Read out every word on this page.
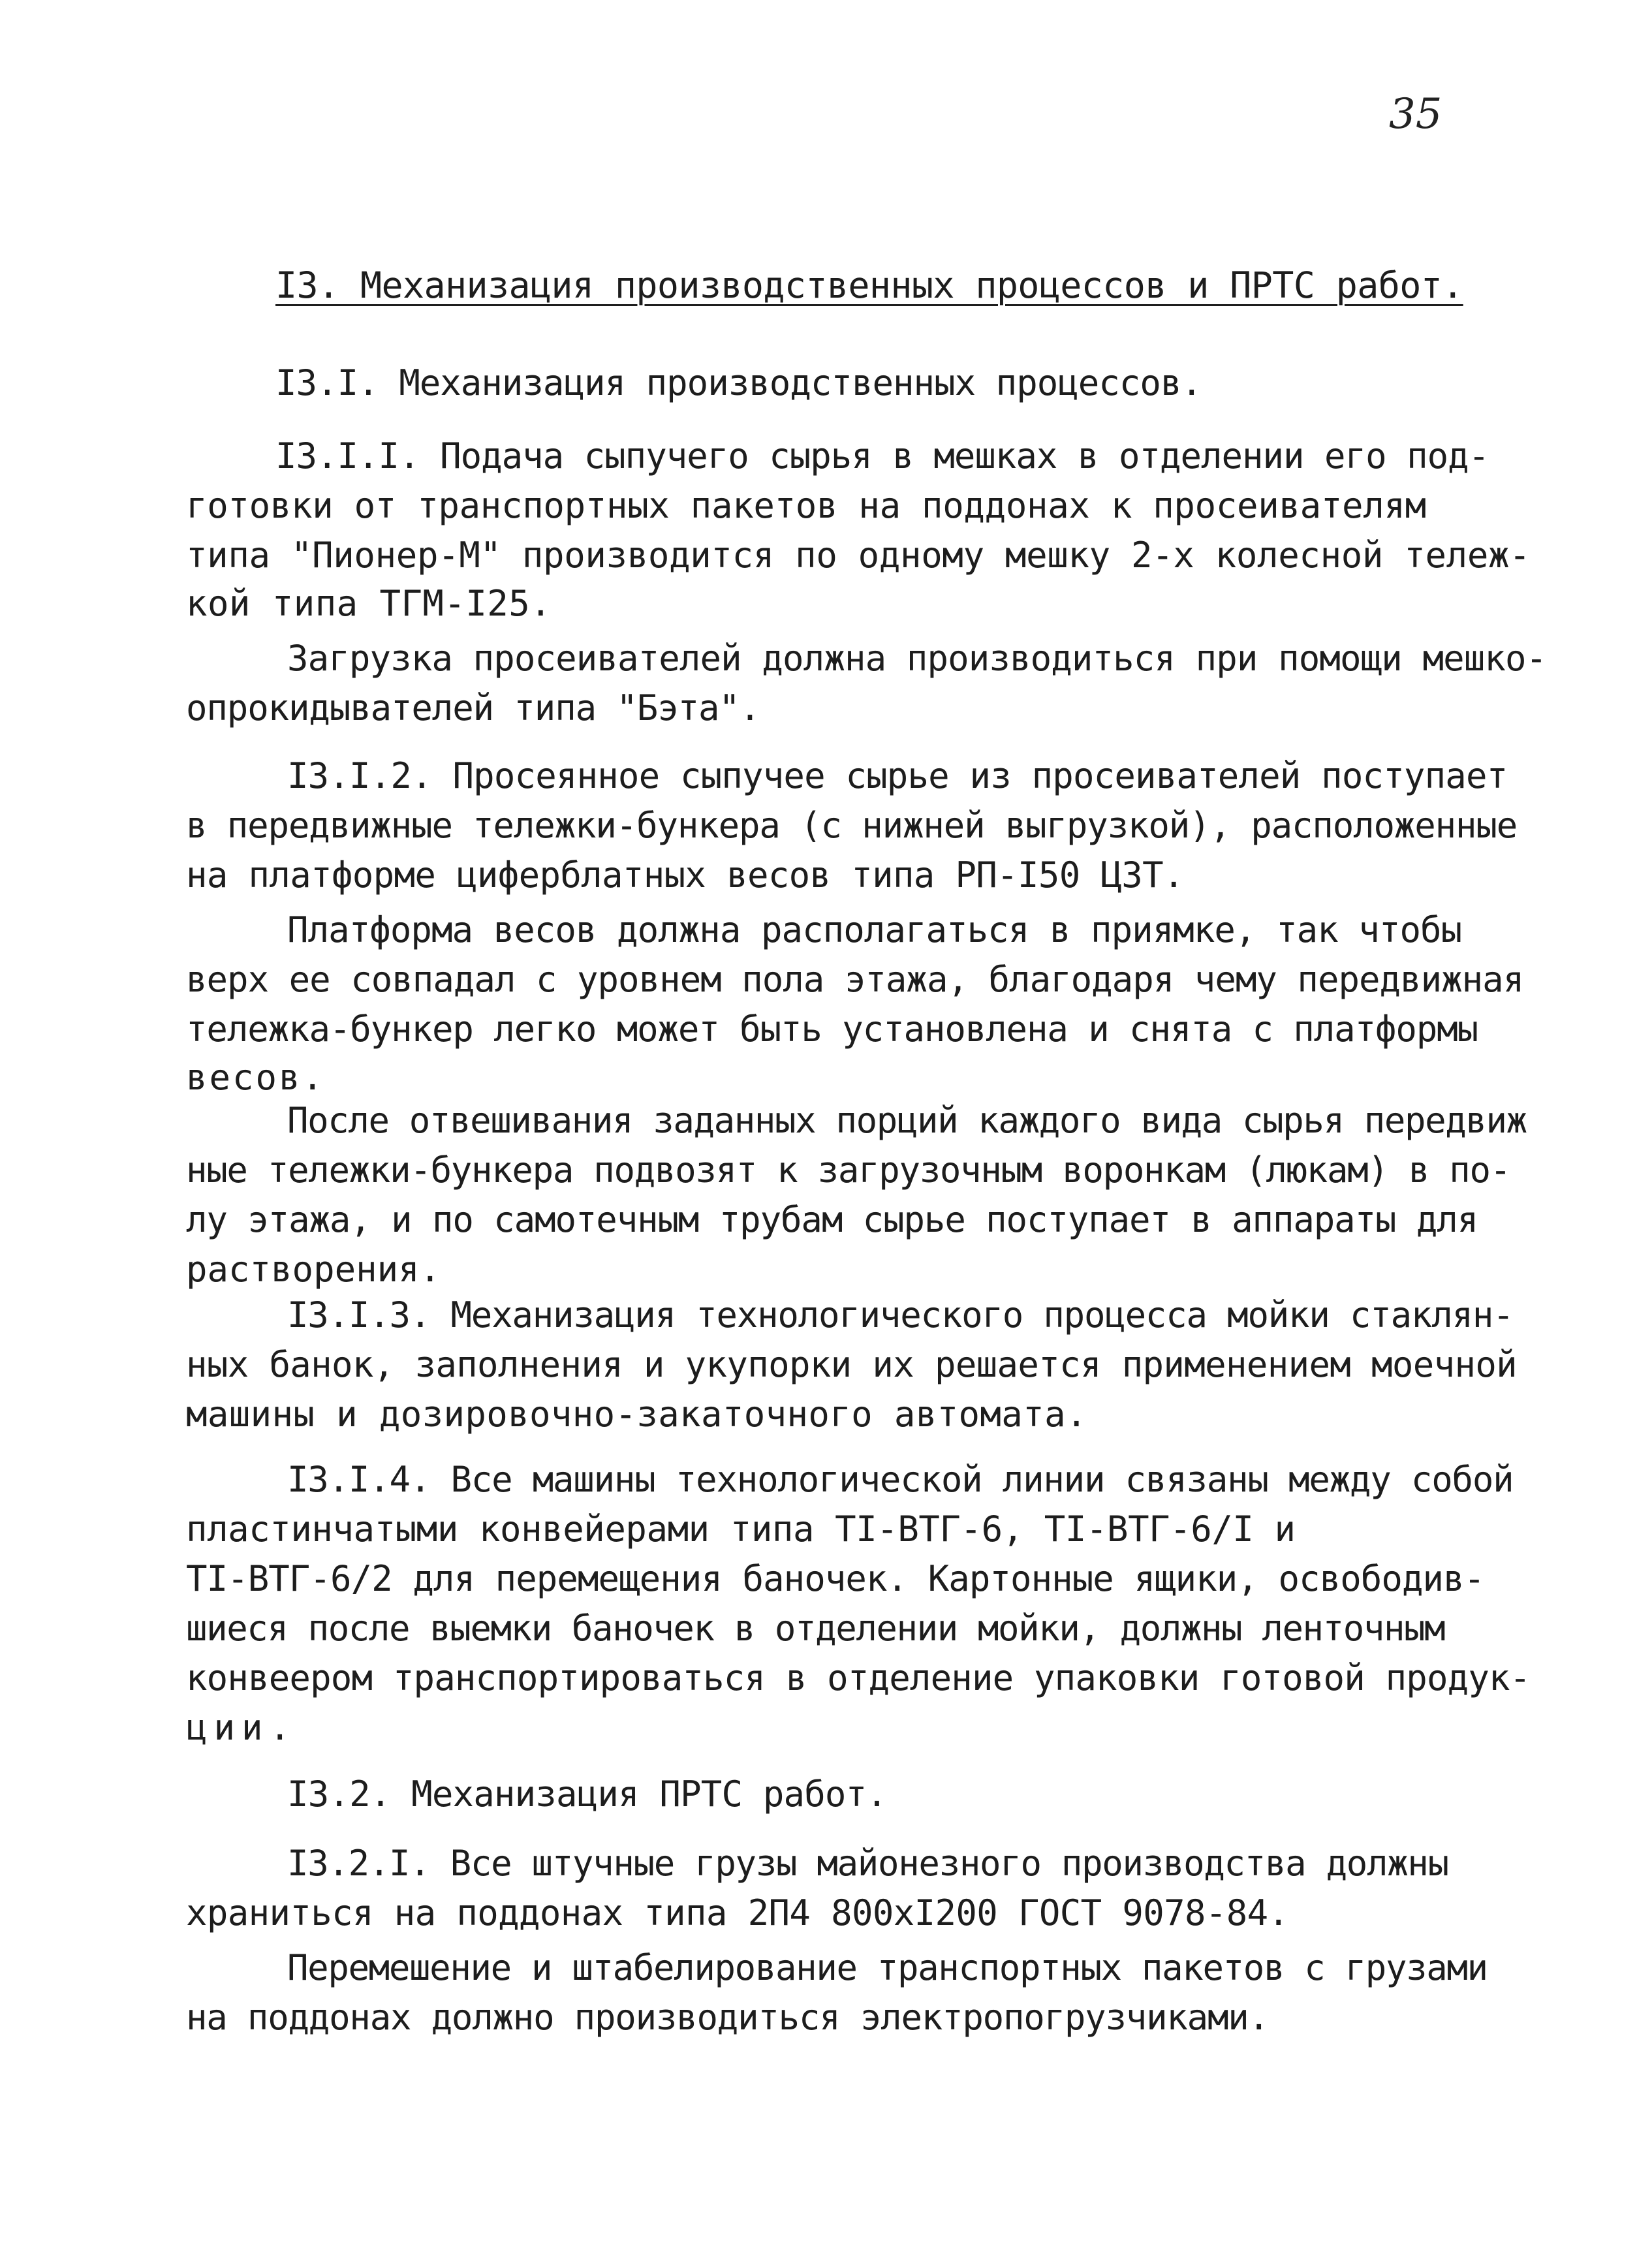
35
I3. Механизация производственных процессов и ПРТС работ.
I3.I. Механизация производственных процессов.
I3.I.I. Подача сыпучего сырья в мешках в отделении его под-
готовки от транспортных пакетов на поддонах к просеивателям
типа "Пионер-М" производится по одному мешку 2-х колесной тележ-
кой типа ТГМ-I25.
Загрузка просеивателей должна производиться при помощи мешко-
опрокидывателей типа "Бэта".
I3.I.2. Просеянное сыпучее сырье из просеивателей поступает
в передвижные тележки-бункера (с нижней выгрузкой), расположенные
на платформе циферблатных весов типа РП-I50 ЦЗТ.
Платформа весов должна располагаться в приямке, так чтобы
верх ее совпадал с уровнем пола этажа, благодаря чему передвижная
тележка-бункер легко может быть установлена и снята с платформы
весов.
После отвешивания заданных порций каждого вида сырья передвиж
ные тележки-бункера подвозят к загрузочным воронкам (люкам) в по-
лу этажа, и по самотечным трубам сырье поступает в аппараты для
растворения.
I3.I.3. Механизация технологического процесса мойки стаклян-
ных банок, заполнения и укупорки их решается применением моечной
машины и дозировочно-закаточного автомата.
I3.I.4. Все машины технологической линии связаны между собой
пластинчатыми конвейерами типа TI-ВТГ-6, TI-ВТГ-6/I и
TI-ВТГ-6/2 для перемещения баночек. Картонные ящики, освободив-
шиеся после выемки баночек в отделении мойки, должны ленточным
конвеером транспортироваться в отделение упаковки готовой продук-
ции.
I3.2. Механизация ПРТС работ.
I3.2.I. Все штучные грузы майонезного производства должны
храниться на поддонах типа 2П4 800хI200 ГОСТ 9078-84.
Перемешение и штабелирование транспортных пакетов с грузами
на поддонах должно производиться электропогрузчиками.
